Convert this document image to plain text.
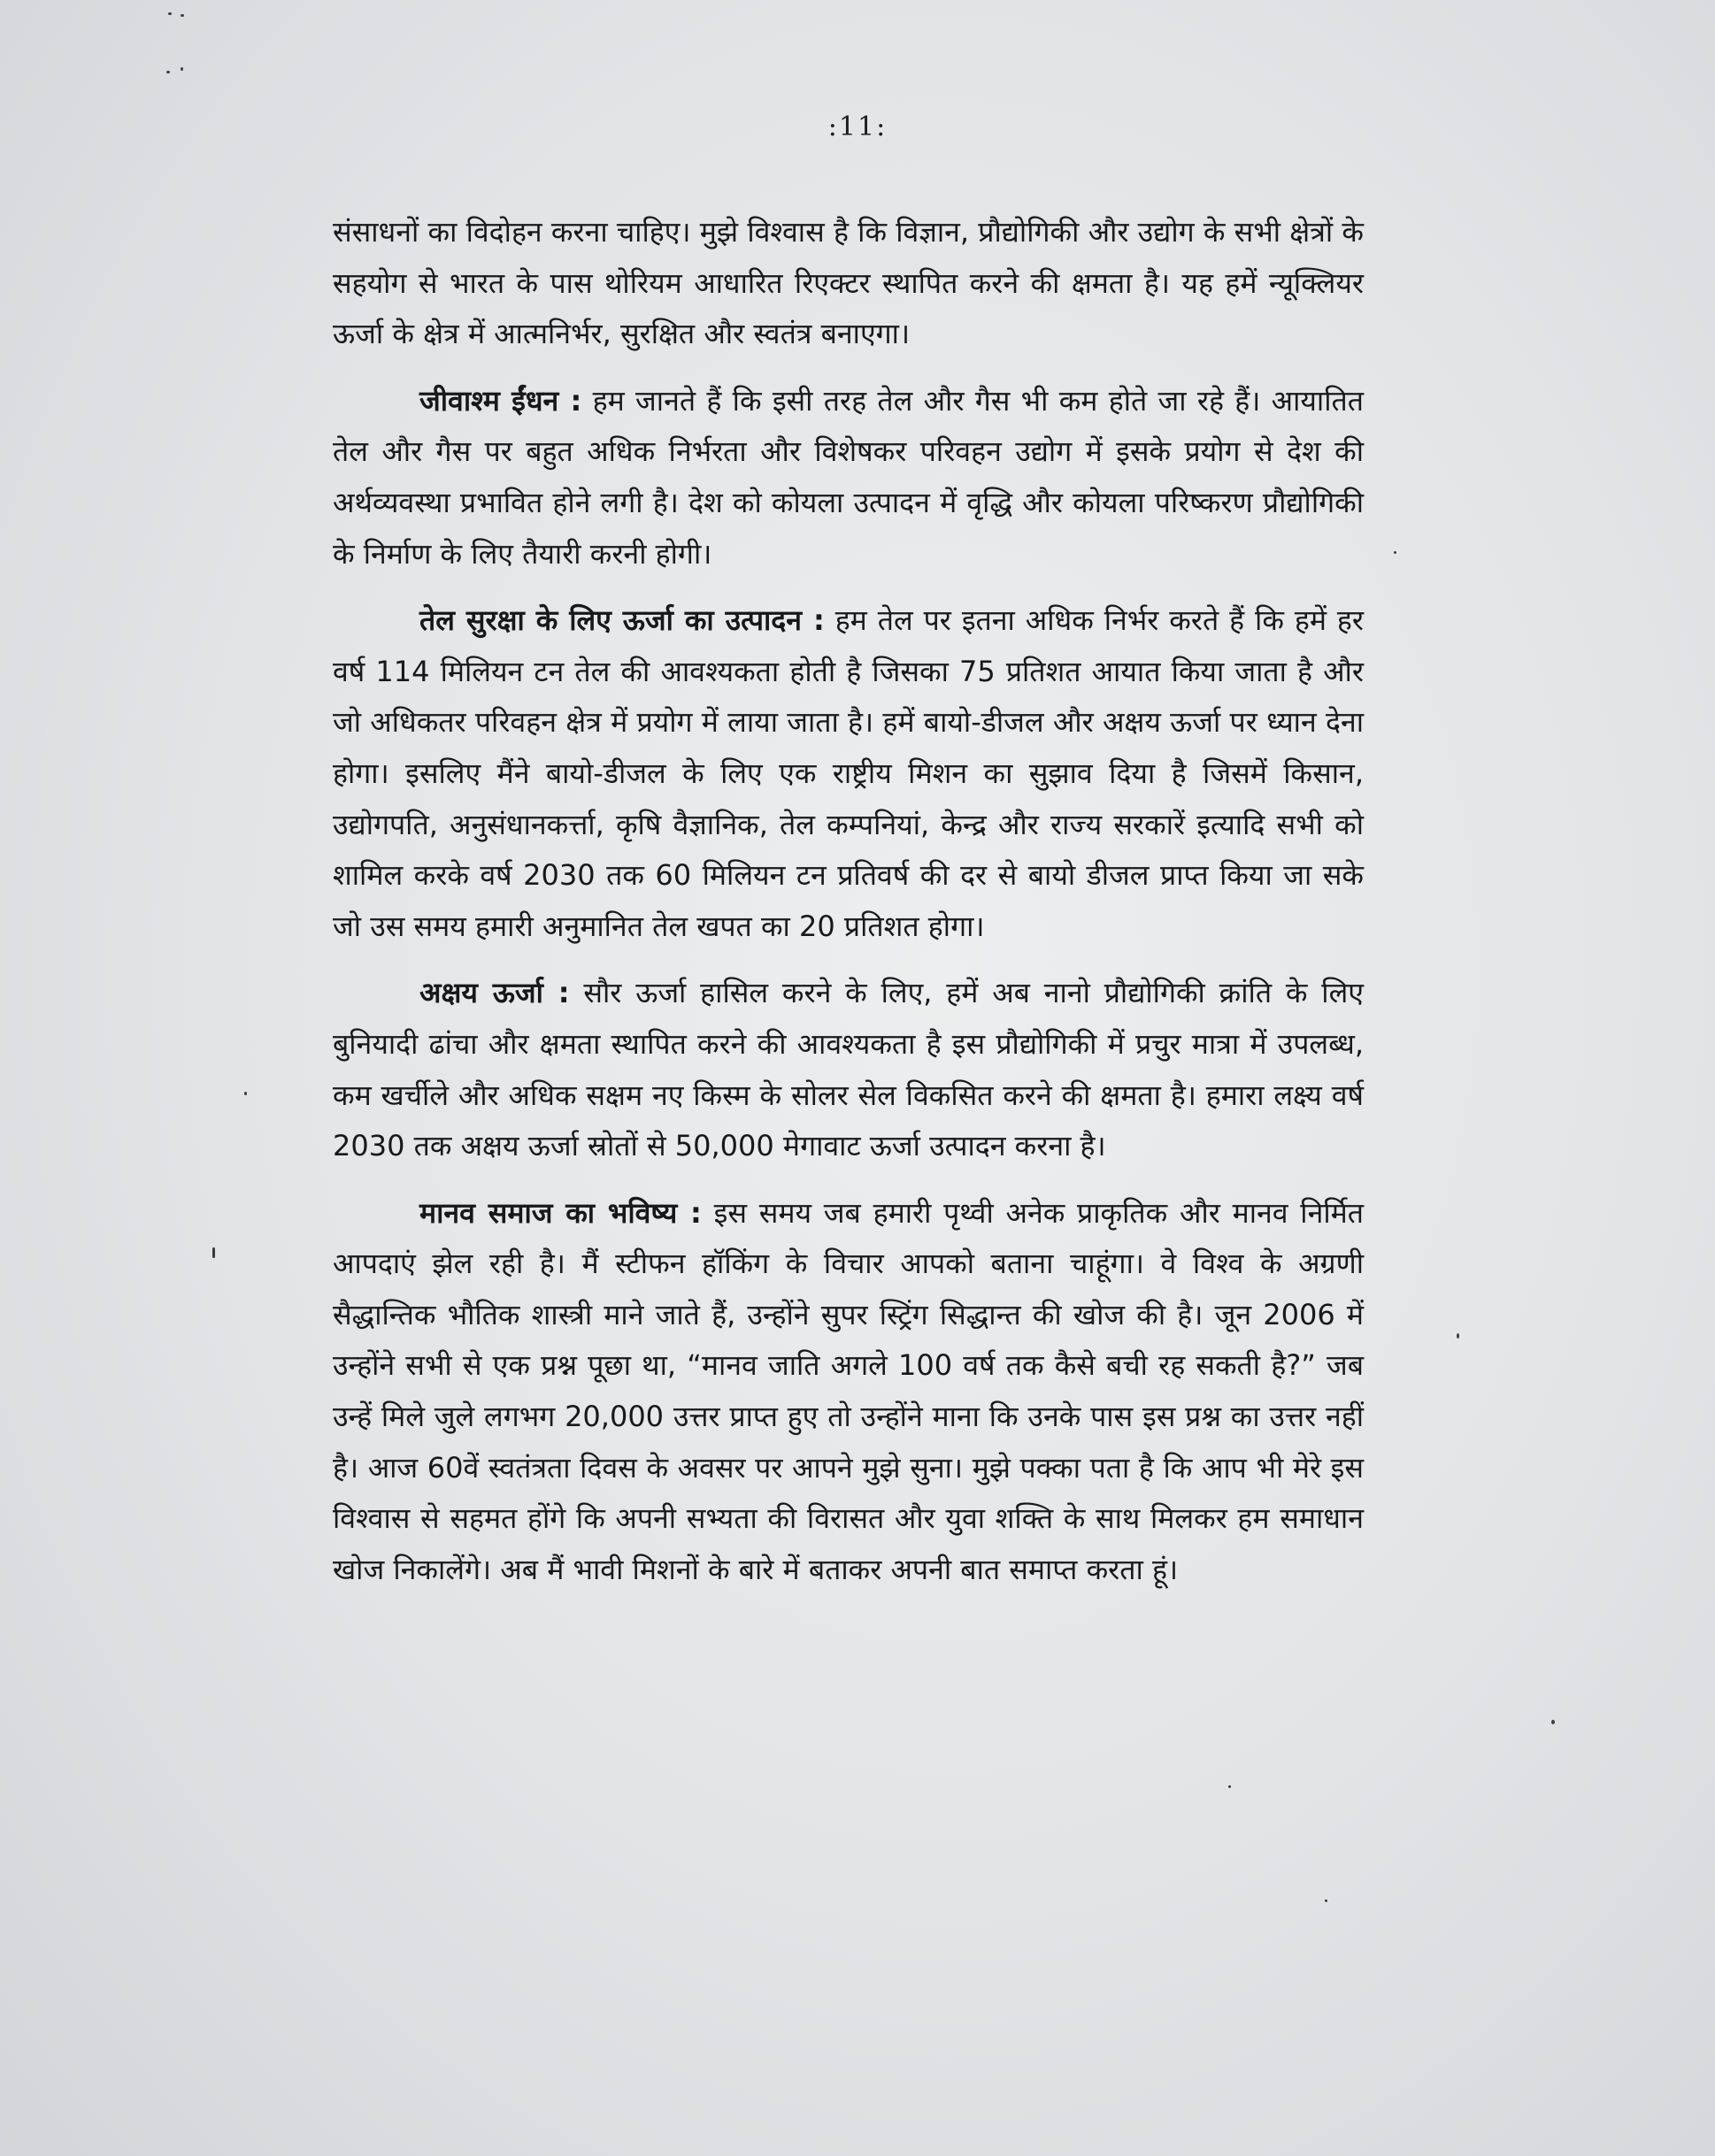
:11:

संसाधनों का विदोहन करना चाहिए। मुझे विश्वास है कि विज्ञान, प्रौद्योगिकी और उद्योग के सभी क्षेत्रों के सहयोग से भारत के पास थोरियम आधारित रिएक्टर स्थापित करने की क्षमता है। यह हमें न्यूक्लियर ऊर्जा के क्षेत्र में आत्मनिर्भर, सुरक्षित और स्वतंत्र बनाएगा।

जीवाश्म ईंधन : हम जानते हैं कि इसी तरह तेल और गैस भी कम होते जा रहे हैं। आयातित तेल और गैस पर बहुत अधिक निर्भरता और विशेषकर परिवहन उद्योग में इसके प्रयोग से देश की अर्थव्यवस्था प्रभावित होने लगी है। देश को कोयला उत्पादन में वृद्धि और कोयला परिष्करण प्रौद्योगिकी के निर्माण के लिए तैयारी करनी होगी।

तेल सुरक्षा के लिए ऊर्जा का उत्पादन : हम तेल पर इतना अधिक निर्भर करते हैं कि हमें हर वर्ष 114 मिलियन टन तेल की आवश्यकता होती है जिसका 75 प्रतिशत आयात किया जाता है और जो अधिकतर परिवहन क्षेत्र में प्रयोग में लाया जाता है। हमें बायो-डीजल और अक्षय ऊर्जा पर ध्यान देना होगा। इसलिए मैंने बायो-डीजल के लिए एक राष्ट्रीय मिशन का सुझाव दिया है जिसमें किसान, उद्योगपति, अनुसंधानकर्त्ता, कृषि वैज्ञानिक, तेल कम्पनियां, केन्द्र और राज्य सरकारें इत्यादि सभी को शामिल करके वर्ष 2030 तक 60 मिलियन टन प्रतिवर्ष की दर से बायो डीजल प्राप्त किया जा सके जो उस समय हमारी अनुमानित तेल खपत का 20 प्रतिशत होगा।

अक्षय ऊर्जा : सौर ऊर्जा हासिल करने के लिए, हमें अब नानो प्रौद्योगिकी क्रांति के लिए बुनियादी ढांचा और क्षमता स्थापित करने की आवश्यकता है इस प्रौद्योगिकी में प्रचुर मात्रा में उपलब्ध, कम खर्चीले और अधिक सक्षम नए किस्म के सोलर सेल विकसित करने की क्षमता है। हमारा लक्ष्य वर्ष 2030 तक अक्षय ऊर्जा स्रोतों से 50,000 मेगावाट ऊर्जा उत्पादन करना है।

मानव समाज का भविष्य : इस समय जब हमारी पृथ्वी अनेक प्राकृतिक और मानव निर्मित आपदाएं झेल रही है। मैं स्टीफन हॉकिंग के विचार आपको बताना चाहूंगा। वे विश्व के अग्रणी सैद्धान्तिक भौतिक शास्त्री माने जाते हैं, उन्होंने सुपर स्ट्रिंग सिद्धान्त की खोज की है। जून 2006 में उन्होंने सभी से एक प्रश्न पूछा था, “मानव जाति अगले 100 वर्ष तक कैसे बची रह सकती है?” जब उन्हें मिले जुले लगभग 20,000 उत्तर प्राप्त हुए तो उन्होंने माना कि उनके पास इस प्रश्न का उत्तर नहीं है। आज 60वें स्वतंत्रता दिवस के अवसर पर आपने मुझे सुना। मुझे पक्का पता है कि आप भी मेरे इस विश्वास से सहमत होंगे कि अपनी सभ्यता की विरासत और युवा शक्ति के साथ मिलकर हम समाधान खोज निकालेंगे। अब मैं भावी मिशनों के बारे में बताकर अपनी बात समाप्त करता हूं।
